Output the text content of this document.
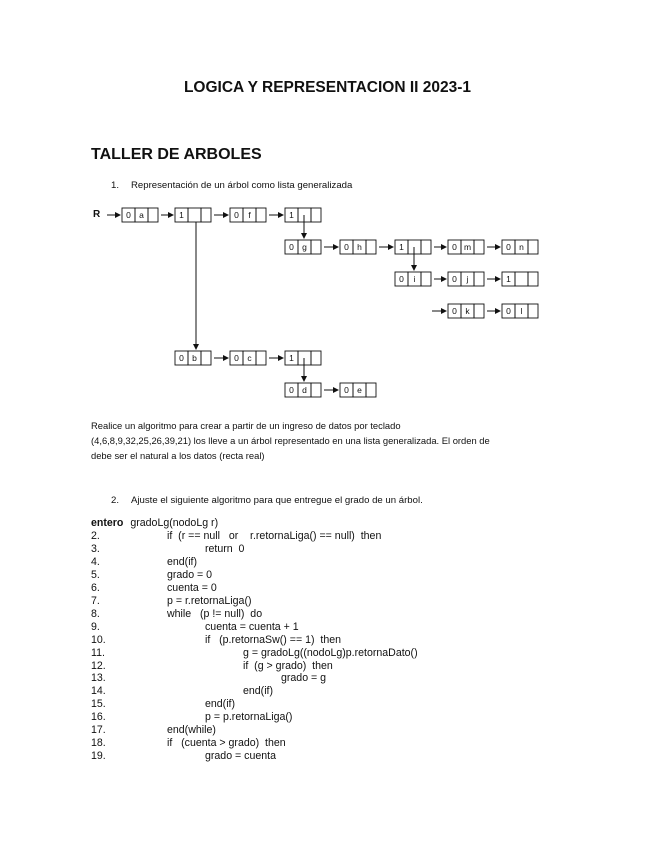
LOGICA Y REPRESENTACION II 2023-1
TALLER DE ARBOLES
1. Representación de un árbol como lista generalizada
R	0 a	1	0 f	1
0 g	0 h	1	0 m	0 n
0 i	0 j	1
0 k	0 l
0 b	0 c	1
0 d	0 e
Realice un algoritmo para crear a partir de un ingreso de datos por teclado
(4,6,8,9,32,25,26,39,21) los lleve a un árbol representado en una lista generalizada. El orden de
debe ser el natural a los datos (recta real)
2. Ajuste el siguiente algoritmo para que entregue el grado de un árbol.
entero gradoLg(nodoLg r)
2.	if  (r == null   or    r.retornaLiga() == null)  then
3.	return  0
4.	end(if)
5.	grado = 0
6.	cuenta = 0
7.	p = r.retornaLiga()
8.	while   (p != null)  do
9.	cuenta = cuenta + 1
10.	if   (p.retornaSw() == 1)  then
11.	g = gradoLg((nodoLg)p.retornaDato()
12.	if  (g > grado)  then
13.	grado = g
14.	end(if)
15.	end(if)
16.	p = p.retornaLiga()
17.	end(while)
18.	if   (cuenta > grado)  then
19.	grado = cuenta
